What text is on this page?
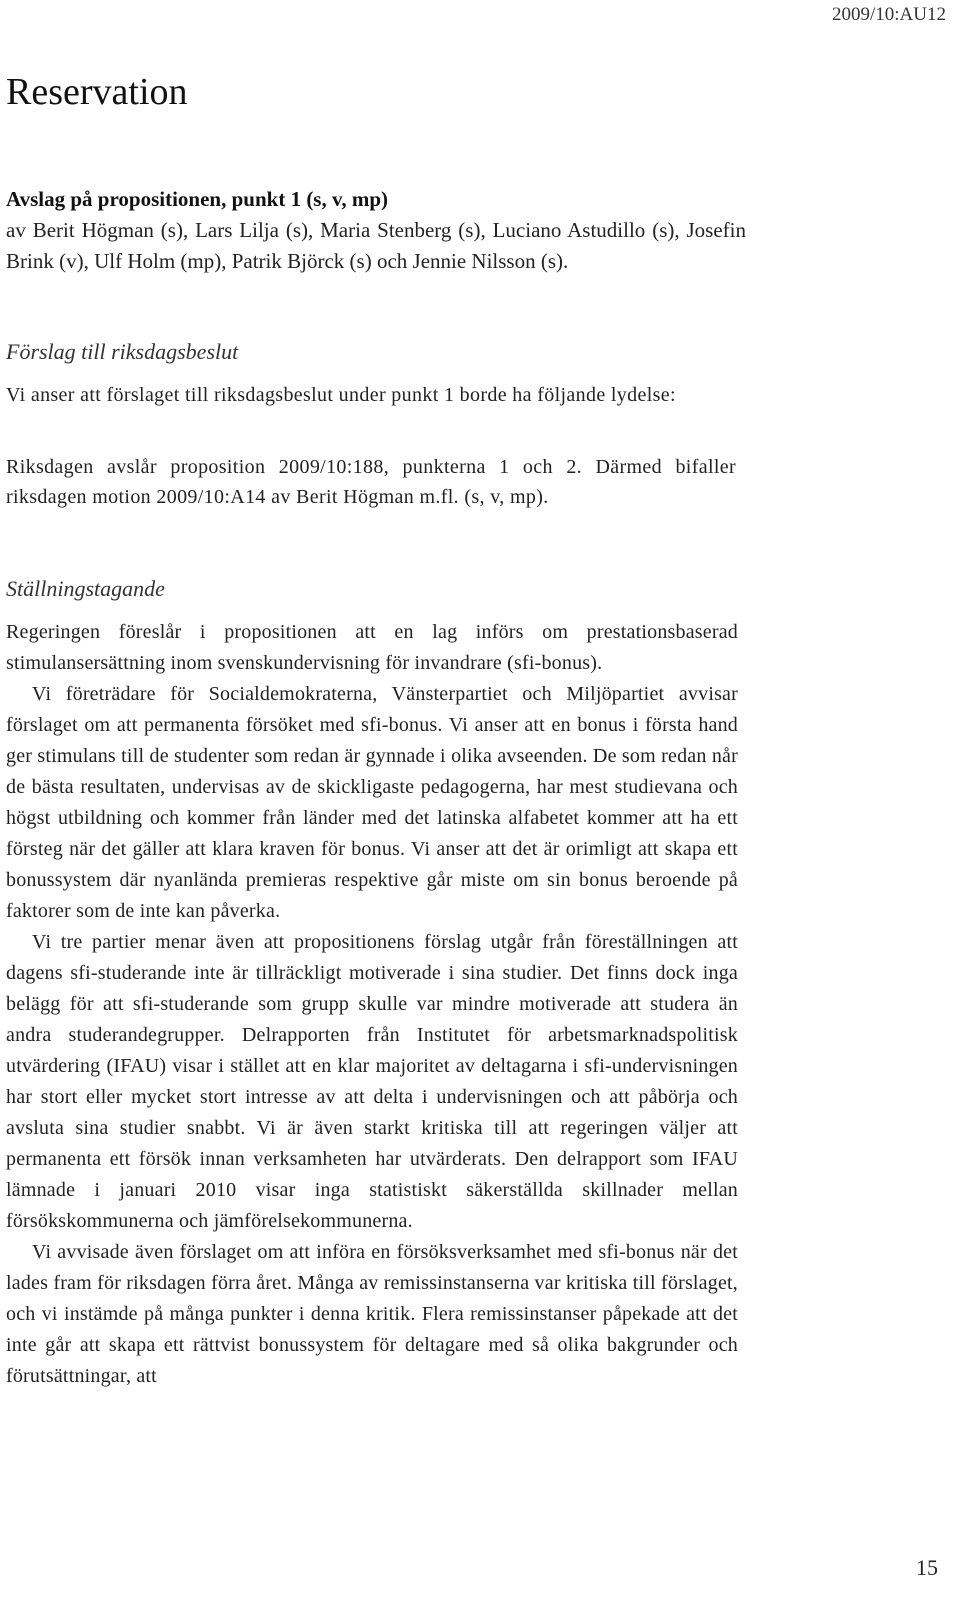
2009/10:AU12
Reservation
Avslag på propositionen, punkt 1 (s, v, mp)
av Berit Högman (s), Lars Lilja (s), Maria Stenberg (s), Luciano Astudillo (s), Josefin Brink (v), Ulf Holm (mp), Patrik Björck (s) och Jennie Nilsson (s).
Förslag till riksdagsbeslut
Vi anser att förslaget till riksdagsbeslut under punkt 1 borde ha följande lydelse:
Riksdagen avslår proposition 2009/10:188, punkterna 1 och 2. Därmed bifaller riksdagen motion 2009/10:A14 av Berit Högman m.fl. (s, v, mp).
Ställningstagande

Regeringen föreslår i propositionen att en lag införs om prestationsbaserad stimulansersättning inom svenskundervisning för invandrare (sfi-bonus).

Vi företrädare för Socialdemokraterna, Vänsterpartiet och Miljöpartiet avvisar förslaget om att permanenta försöket med sfi-bonus. Vi anser att en bonus i första hand ger stimulans till de studenter som redan är gynnade i olika avseenden. De som redan når de bästa resultaten, undervisas av de skickligaste pedagogerna, har mest studievana och högst utbildning och kommer från länder med det latinska alfabetet kommer att ha ett försteg när det gäller att klara kraven för bonus. Vi anser att det är orimligt att skapa ett bonussystem där nyanlända premieras respektive går miste om sin bonus beroende på faktorer som de inte kan påverka.

Vi tre partier menar även att propositionens förslag utgår från föreställningen att dagens sfi-studerande inte är tillräckligt motiverade i sina studier. Det finns dock inga belägg för att sfi-studerande som grupp skulle var mindre motiverade att studera än andra studerandegrupper. Delrapporten från Institutet för arbetsmarknadspolitisk utvärdering (IFAU) visar i stället att en klar majoritet av deltagarna i sfi-undervisningen har stort eller mycket stort intresse av att delta i undervisningen och att påbörja och avsluta sina studier snabbt. Vi är även starkt kritiska till att regeringen väljer att permanenta ett försök innan verksamheten har utvärderats. Den delrapport som IFAU lämnade i januari 2010 visar inga statistiskt säkerställda skillnader mellan försökskommunerna och jämförelsekommunerna.

Vi avvisade även förslaget om att införa en försöksverksamhet med sfi-bonus när det lades fram för riksdagen förra året. Många av remissinstanserna var kritiska till förslaget, och vi instämde på många punkter i denna kritik. Flera remissinstanser påpekade att det inte går att skapa ett rättvist bonussystem för deltagare med så olika bakgrunder och förutsättningar, att

15
